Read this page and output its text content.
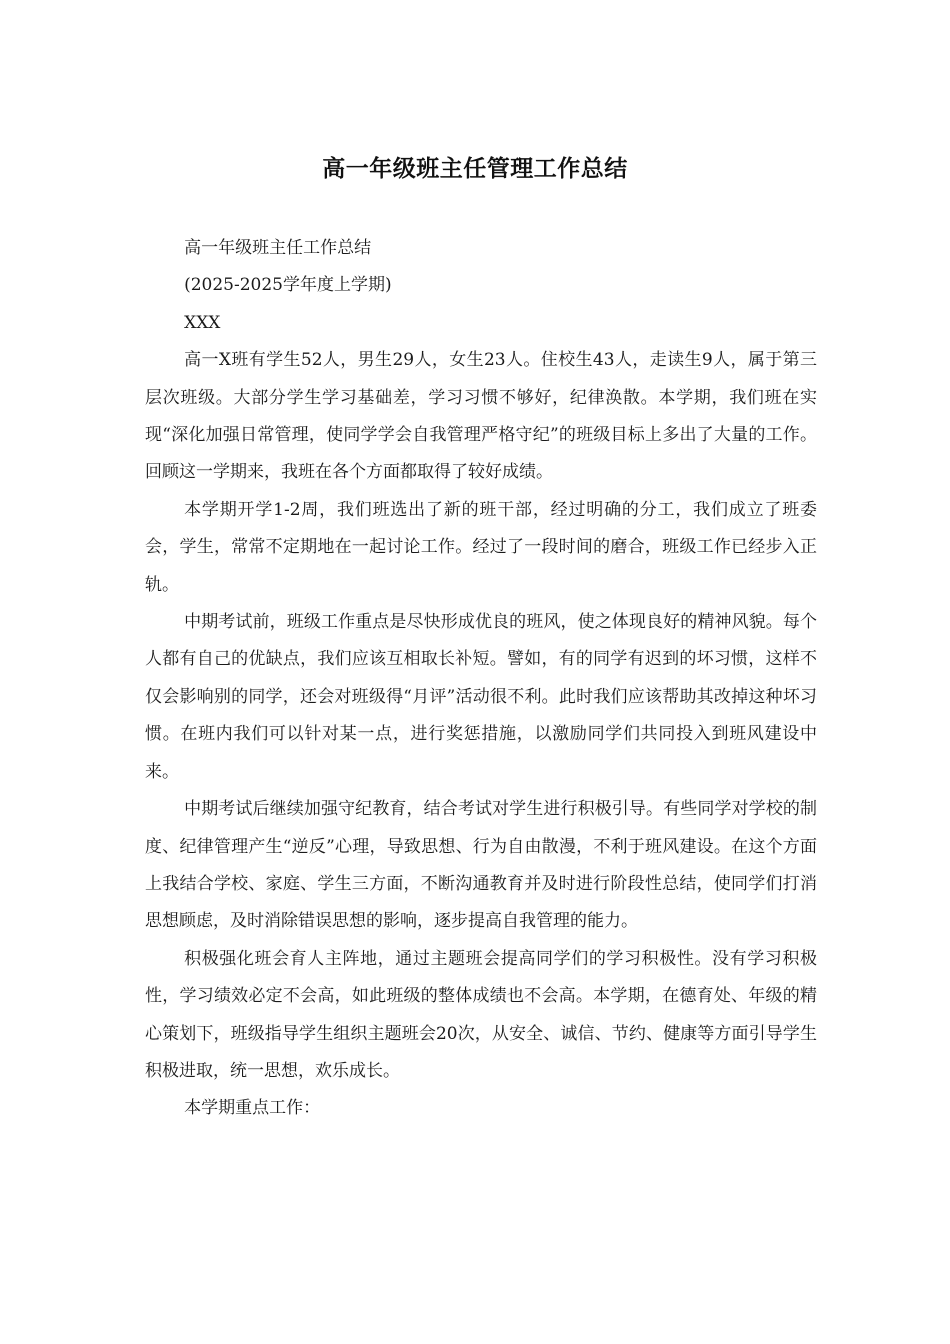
高一年级班主任管理工作总结

高一年级班主任工作总结

(2025-2025学年度上学期)

XXX

高一X班有学生52人，男生29人，女生23人。住校生43人，走读生9人，属于第三层次班级。大部分学生学习基础差，学习习惯不够好，纪律涣散。本学期，我们班在实现“深化加强日常管理，使同学学会自我管理严格守纪”的班级目标上多出了大量的工作。回顾这一学期来，我班在各个方面都取得了较好成绩。

本学期开学1-2周，我们班选出了新的班干部，经过明确的分工，我们成立了班委会，学生，常常不定期地在一起讨论工作。经过了一段时间的磨合，班级工作已经步入正轨。

中期考试前，班级工作重点是尽快形成优良的班风，使之体现良好的精神风貌。每个人都有自己的优缺点，我们应该互相取长补短。譬如，有的同学有迟到的坏习惯，这样不仅会影响别的同学，还会对班级得“月评”活动很不利。此时我们应该帮助其改掉这种坏习惯。在班内我们可以针对某一点，进行奖惩措施，以激励同学们共同投入到班风建设中来。

中期考试后继续加强守纪教育，结合考试对学生进行积极引导。有些同学对学校的制度、纪律管理产生“逆反”心理，导致思想、行为自由散漫，不利于班风建设。在这个方面上我结合学校、家庭、学生三方面，不断沟通教育并及时进行阶段性总结，使同学们打消思想顾虑，及时消除错误思想的影响，逐步提高自我管理的能力。

积极强化班会育人主阵地，通过主题班会提高同学们的学习积极性。没有学习积极性，学习绩效必定不会高，如此班级的整体成绩也不会高。本学期，在德育处、年级的精心策划下，班级指导学生组织主题班会20次，从安全、诚信、节约、健康等方面引导学生积极进取，统一思想，欢乐成长。

本学期重点工作：
